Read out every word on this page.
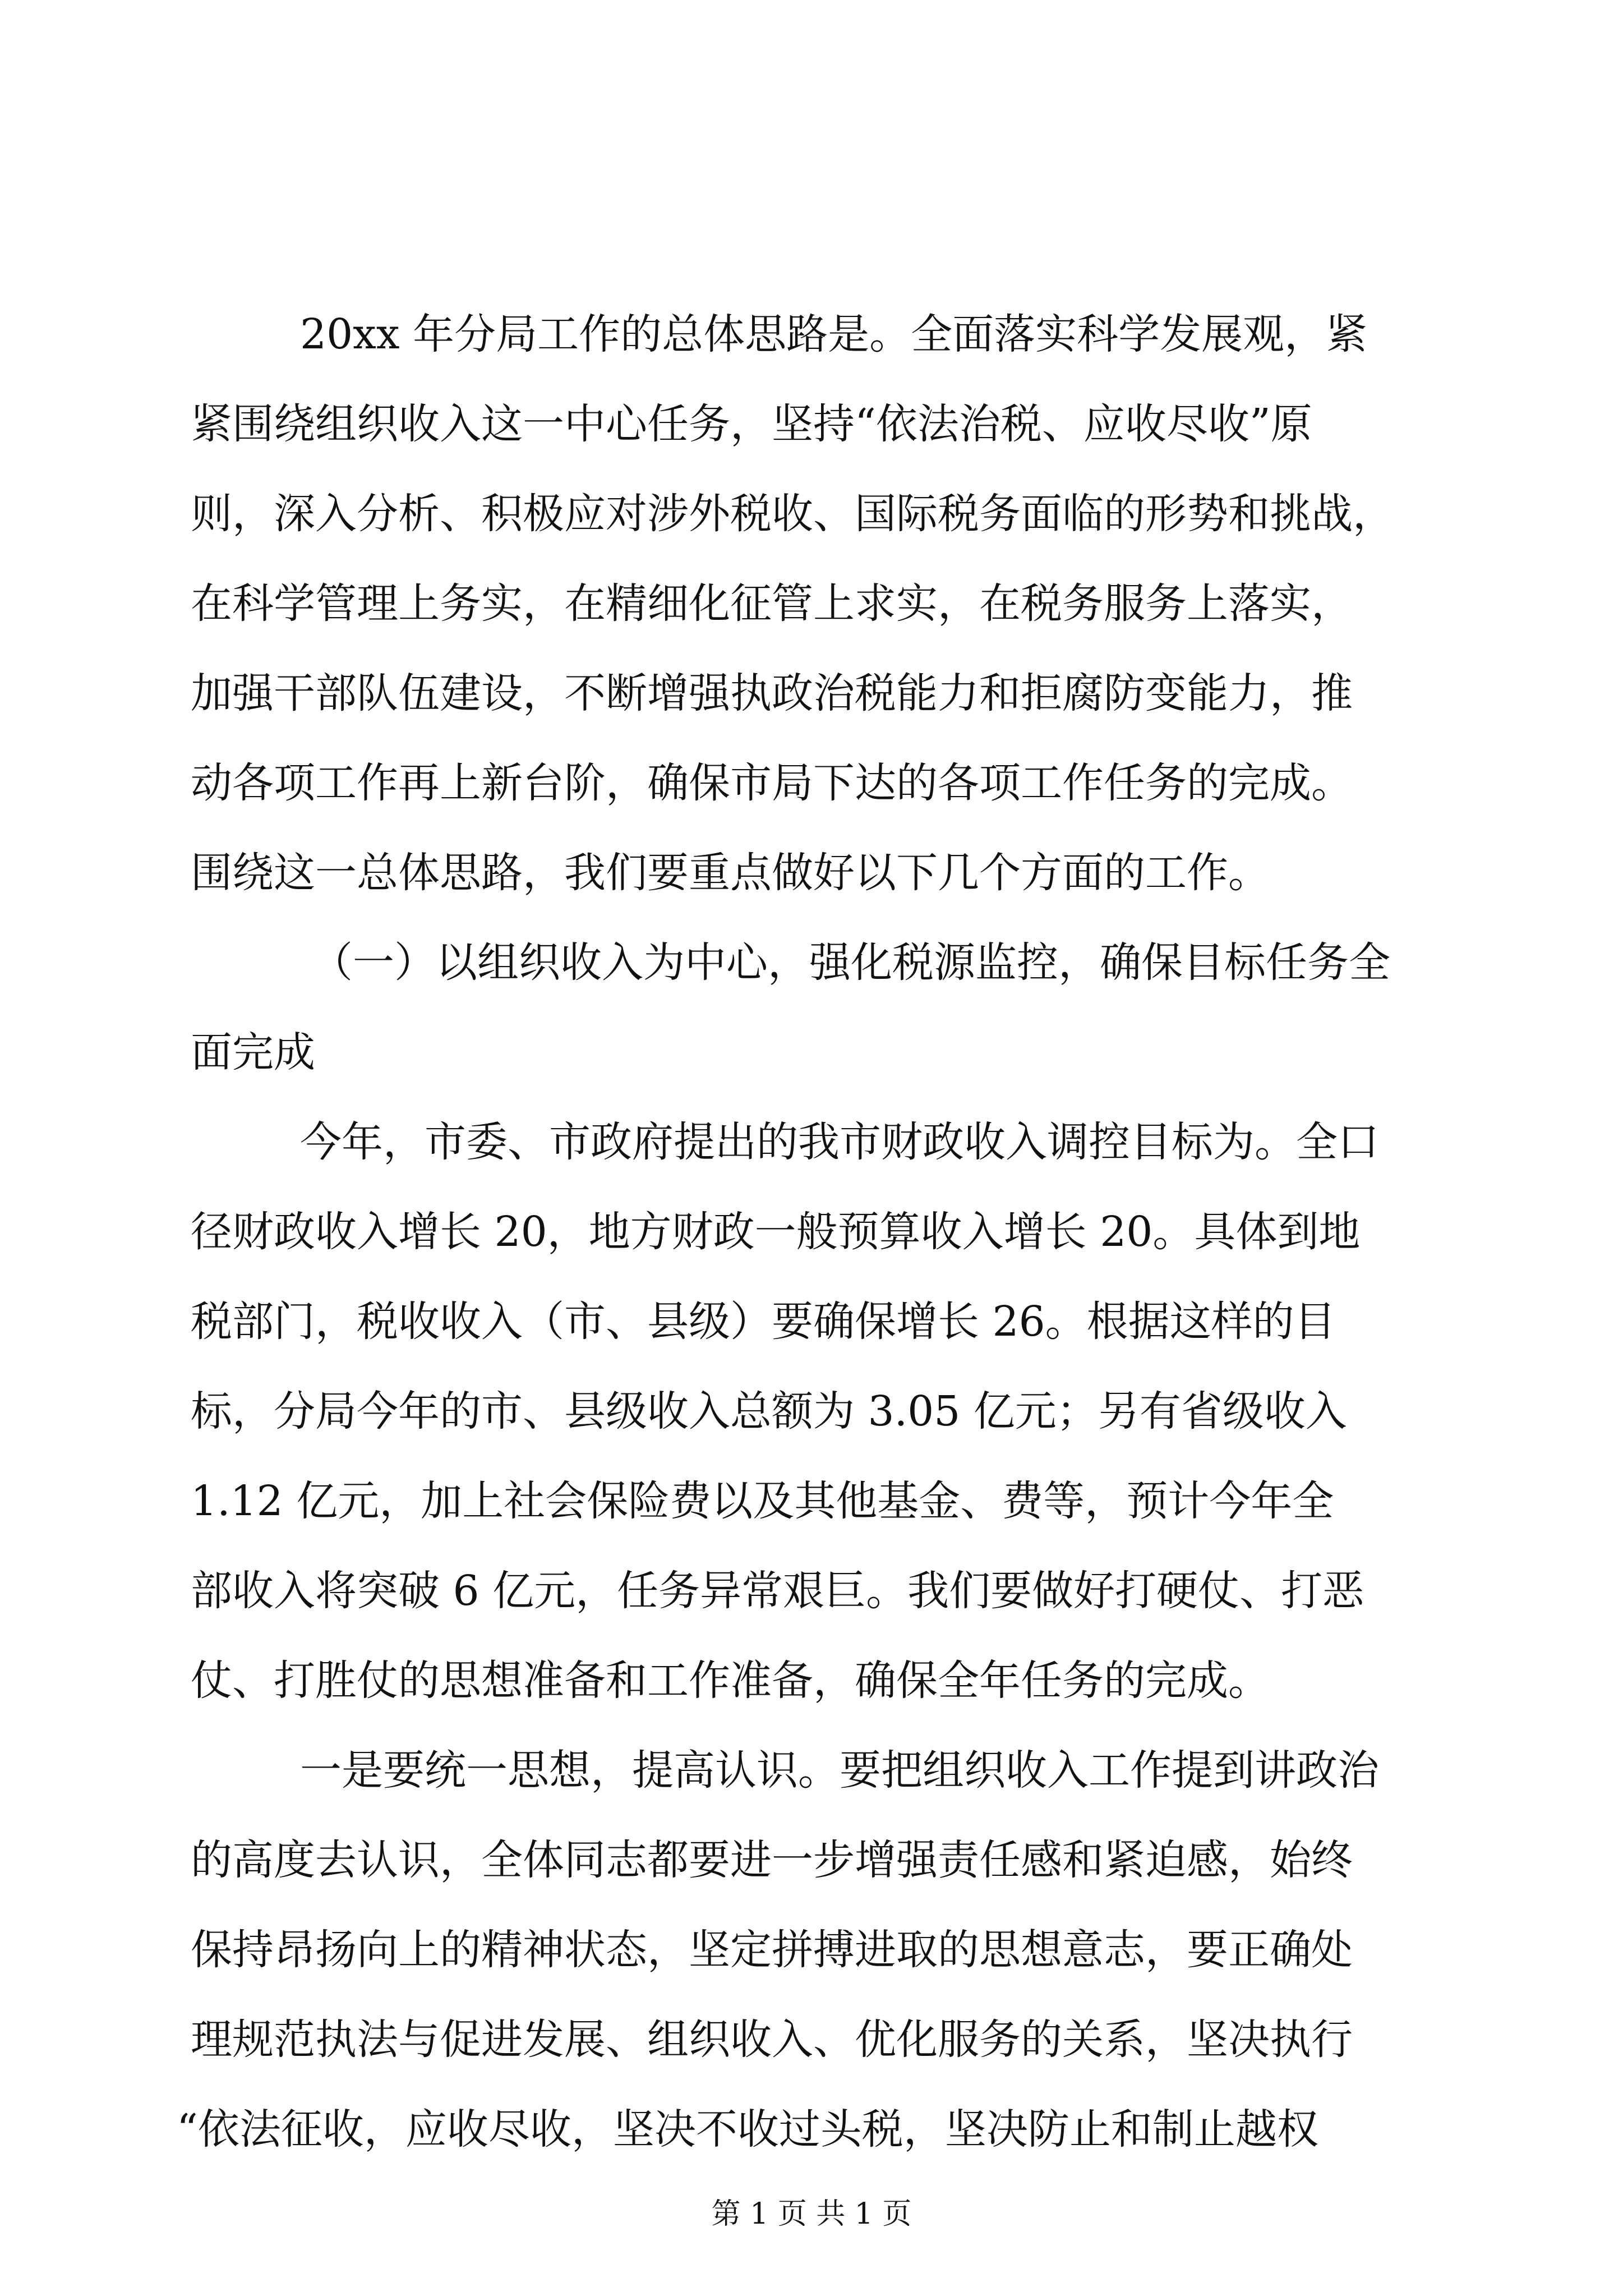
20xx 年分局工作的总体思路是。全面落实科学发展观，紧
紧围绕组织收入这一中心任务，坚持“依法治税、应收尽收”原
则，深入分析、积极应对涉外税收、国际税务面临的形势和挑战，
在科学管理上务实，在精细化征管上求实，在税务服务上落实，
加强干部队伍建设，不断增强执政治税能力和拒腐防变能力，推
动各项工作再上新台阶，确保市局下达的各项工作任务的完成。
围绕这一总体思路，我们要重点做好以下几个方面的工作。
（一）以组织收入为中心，强化税源监控，确保目标任务全
面完成
今年，市委、市政府提出的我市财政收入调控目标为。全口
径财政收入增长 20，地方财政一般预算收入增长 20。具体到地
税部门，税收收入（市、县级）要确保增长 26。根据这样的目
标，分局今年的市、县级收入总额为 3.05 亿元；另有省级收入
1.12 亿元，加上社会保险费以及其他基金、费等，预计今年全
部收入将突破 6 亿元，任务异常艰巨。我们要做好打硬仗、打恶
仗、打胜仗的思想准备和工作准备，确保全年任务的完成。
一是要统一思想，提高认识。要把组织收入工作提到讲政治
的高度去认识，全体同志都要进一步增强责任感和紧迫感，始终
保持昂扬向上的精神状态，坚定拼搏进取的思想意志，要正确处
理规范执法与促进发展、组织收入、优化服务的关系，坚决执行
“依法征收，应收尽收，坚决不收过头税，坚决防止和制止越权
第 1 页 共 1 页
